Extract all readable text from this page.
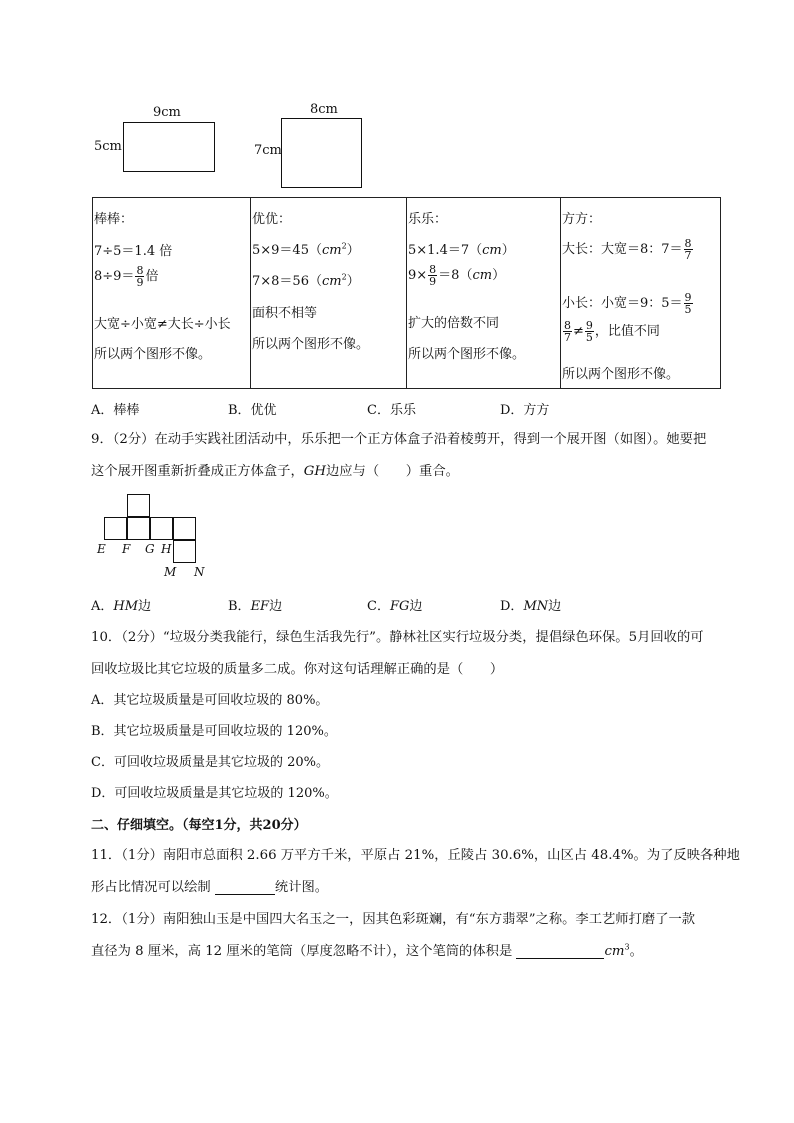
9cm
5cm
8cm
7cm
棒棒：
7÷5＝1.4 倍
$8\div 9= \frac{8}{9}$ 倍
大宽÷小宽≠大长÷小长
所以两个图形不像。

优优：
$5\times 9=45(cm^2)$
$7\times 8=56(cm^2)$
面积不相等
所以两个图形不像。

乐乐：
5×1.4＝7（cm）
$9\times \frac{8}{9} =8(cm)$
扩大的倍数不同
所以两个图形不像。

方方：
大长：大宽＝8：$7= \frac{8}{7}$
小长：小宽＝9：$5= \frac{9}{5}$
$\frac{8}{7} \ne \frac{9}{5}$ ，比值不同
所以两个图形不像。
A．棒棒	B．优优	C．乐乐	D．方方
9．（2分）在动手实践社团活动中，乐乐把一个正方体盒子沿着棱剪开，得到一个展开图（如图）。她要把
这个展开图重新折叠成正方体盒子，GH边应与（　　）重合。
E F G H
M N
A．HM边	B．EF边	C．FG边	D．MN边
10．（2分）“垃圾分类我能行，绿色生活我先行”。静林社区实行垃圾分类，提倡绿色环保。5月回收的可
回收垃圾比其它垃圾的质量多二成。你对这句话理解正确的是（　　）
A．其它垃圾质量是可回收垃圾的 80%。
B．其它垃圾质量是可回收垃圾的 120%。
C．可回收垃圾质量是其它垃圾的 20%。
D．可回收垃圾质量是其它垃圾的 120%。
二、仔细填空。（每空1分，共20分）
11．（1分）南阳市总面积 2.66 万平方千米，平原占 21%，丘陵占 30.6%，山区占 48.4%。为了反映各种地
形占比情况可以绘制	统计图。
12．（1分）南阳独山玉是中国四大名玉之一，因其色彩斑斓，有“东方翡翠”之称。李工艺师打磨了一款
直径为 8 厘米，高 12 厘米的笔筒（厚度忽略不计），这个笔筒的体积是	$cm^3$。
